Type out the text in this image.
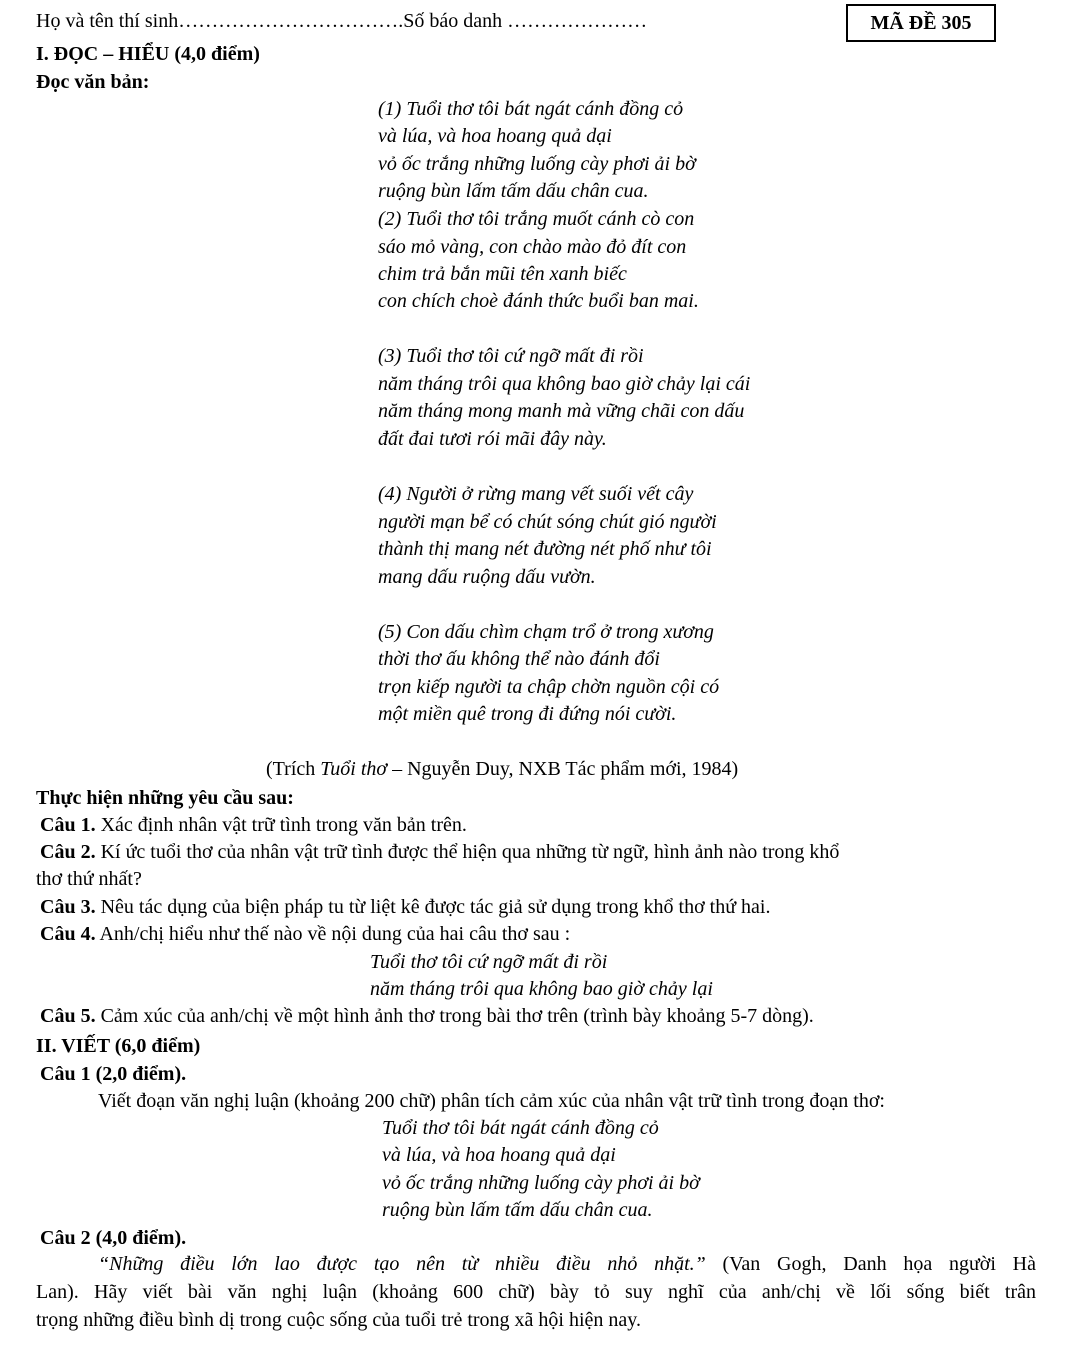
Họ và tên thí sinh…………………………….Số báo danh …………………	MÃ ĐỀ 305
I. ĐỌC – HIỂU (4,0 điểm)
Đọc văn bản:
(1) Tuổi thơ tôi bát ngát cánh đồng cỏ
và lúa, và hoa hoang quả dại
vỏ ốc trắng những luống cày phơi ải bờ
ruộng bùn lấm tấm dấu chân cua.
(2) Tuổi thơ tôi trắng muốt cánh cò con
sáo mỏ vàng, con chào mào đỏ đít con
chim trả bắn mũi tên xanh biếc
con chích choè đánh thức buổi ban mai.
(3) Tuổi thơ tôi cứ ngỡ mất đi rồi
năm tháng trôi qua không bao giờ chảy lại cái
năm tháng mong manh mà vững chãi con dấu
đất đai tươi rói mãi đây này.
(4) Người ở rừng mang vết suối vết cây
người mạn bể có chút sóng chút gió người
thành thị mang nét đường nét phố như tôi
mang dấu ruộng dấu vườn.
(5) Con dấu chìm chạm trổ ở trong xương
thời thơ ấu không thể nào đánh đổi
trọn kiếp người ta chập chờn nguồn cội có
một miền quê trong đi đứng nói cười.
(Trích Tuổi thơ – Nguyễn Duy, NXB Tác phẩm mới, 1984)
Thực hiện những yêu cầu sau:
Câu 1. Xác định nhân vật trữ tình trong văn bản trên.
Câu 2. Kí ức tuổi thơ của nhân vật trữ tình được thể hiện qua những từ ngữ, hình ảnh nào trong khổ
thơ thứ nhất?
Câu 3. Nêu tác dụng của biện pháp tu từ liệt kê được tác giả sử dụng trong khổ thơ thứ hai.
Câu 4. Anh/chị hiểu như thế nào về nội dung của hai câu thơ sau :
Tuổi thơ tôi cứ ngỡ mất đi rồi
năm tháng trôi qua không bao giờ chảy lại
Câu 5. Cảm xúc của anh/chị về một hình ảnh thơ trong bài thơ trên (trình bày khoảng 5-7 dòng).
II. VIẾT (6,0 điểm)
Câu 1 (2,0 điểm).
Viết đoạn văn nghị luận (khoảng 200 chữ) phân tích cảm xúc của nhân vật trữ tình trong đoạn thơ:
Tuổi thơ tôi bát ngát cánh đồng cỏ
và lúa, và hoa hoang quả dại
vỏ ốc trắng những luống cày phơi ải bờ
ruộng bùn lấm tấm dấu chân cua.
Câu 2 (4,0 điểm).
“Những điều lớn lao được tạo nên từ nhiều điều nhỏ nhặt.” (Van Gogh, Danh họa người Hà
Lan). Hãy viết bài văn nghị luận (khoảng 600 chữ) bày tỏ suy nghĩ của anh/chị về lối sống biết trân
trọng những điều bình dị trong cuộc sống của tuổi trẻ trong xã hội hiện nay.
